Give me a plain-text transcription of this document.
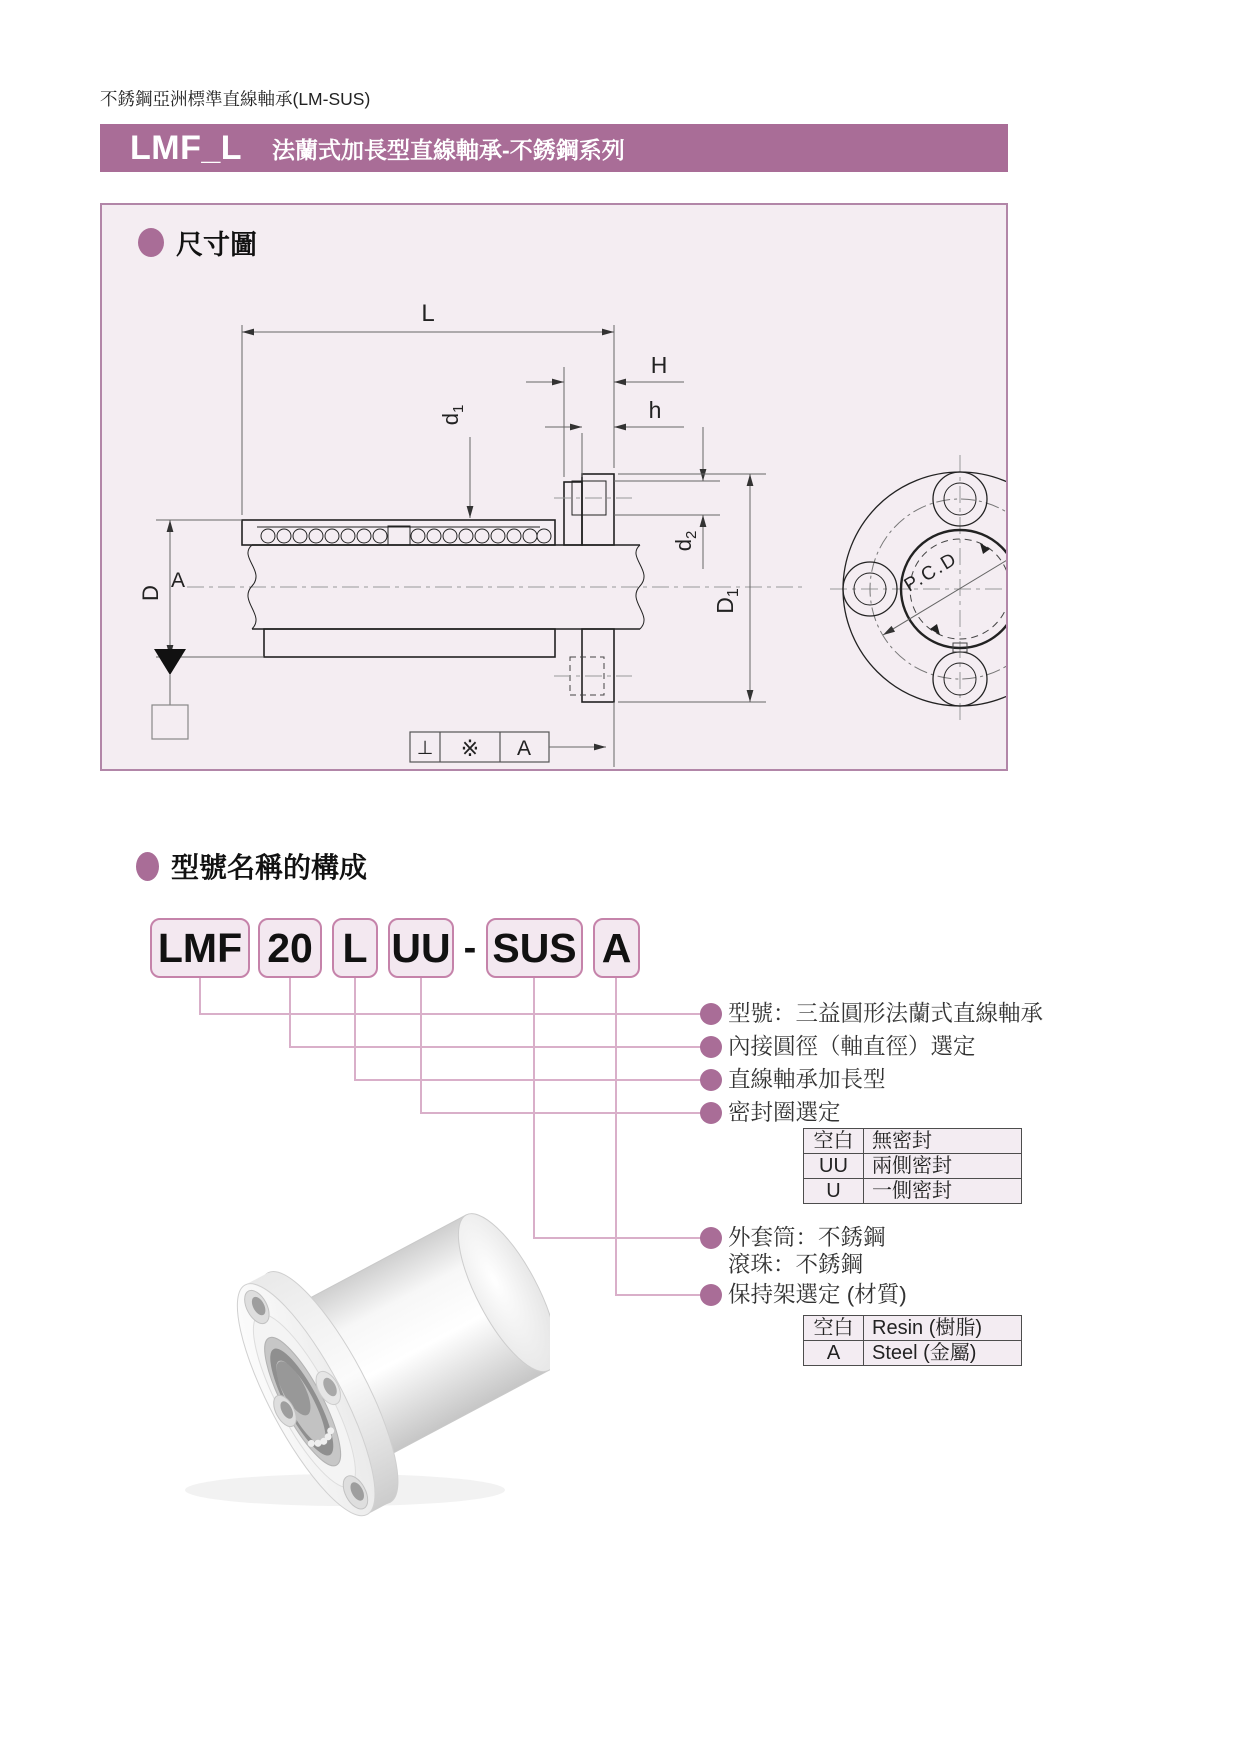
不銹鋼亞洲標準直線軸承(LM-SUS)
LMF_L 法蘭式加長型直線軸承-不銹鋼系列
尺寸圖
L
H
h
$d_1$
$d_2$
$D_1$
D
A
⊥ ※ A
P.C.D
型號名稱的構成
LMF 20 L UU - SUS A
型號：三益圓形法蘭式直線軸承
內接圓徑（軸直徑）選定
直線軸承加長型
密封圈選定
外套筒：不銹鋼
滾珠：不銹鋼
保持架選定 (材質)
空白	無密封
UU	兩側密封
U	一側密封
空白	Resin (樹脂)
A	Steel (金屬)
